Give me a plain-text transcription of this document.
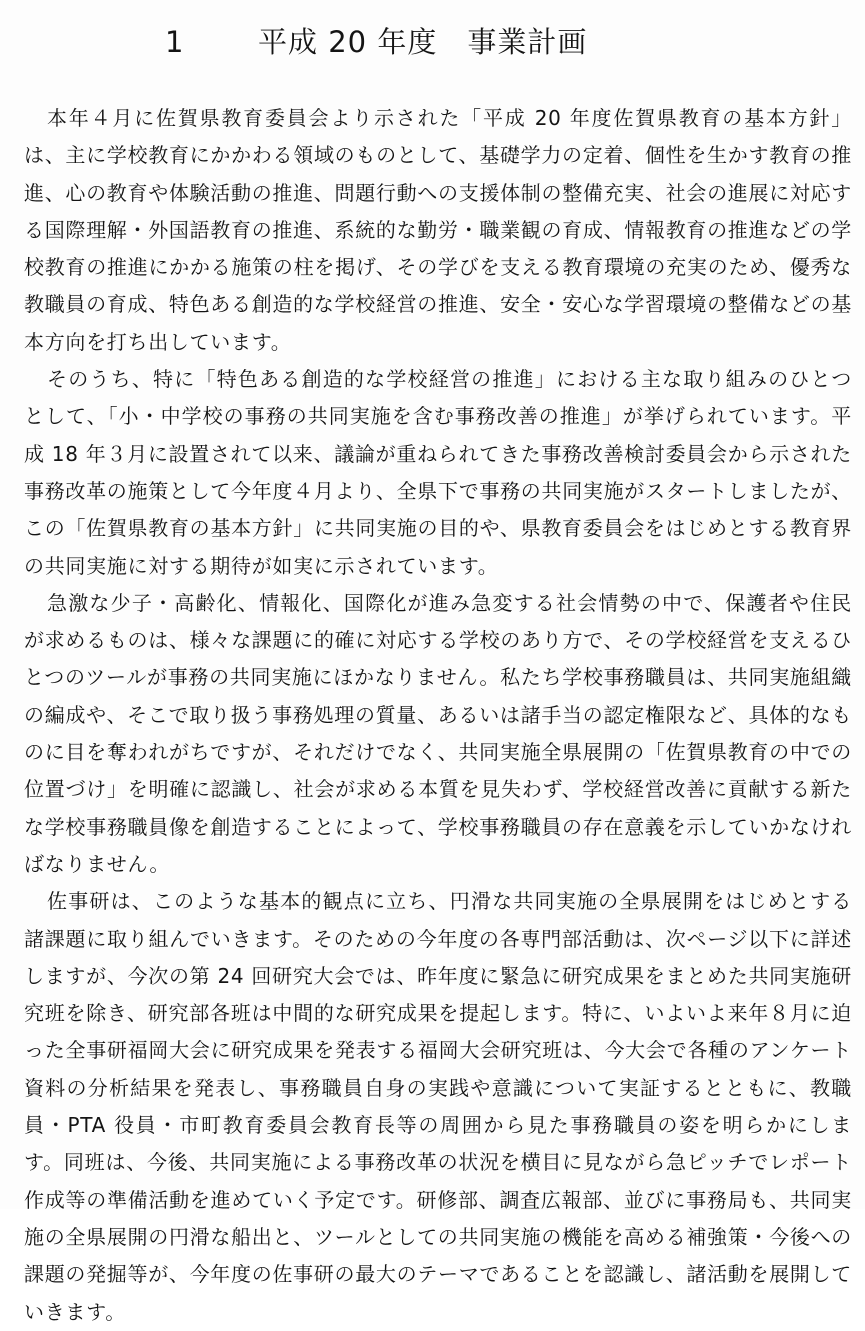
1	平成 20 年度　事業計画

本年４月に佐賀県教育委員会より示された「平成 20 年度佐賀県教育の基本方針」は、主に学校教育にかかわる領域のものとして、基礎学力の定着、個性を生かす教育の推進、心の教育や体験活動の推進、問題行動への支援体制の整備充実、社会の進展に対応する国際理解・外国語教育の推進、系統的な勤労・職業観の育成、情報教育の推進などの学校教育の推進にかかる施策の柱を掲げ、その学びを支える教育環境の充実のため、優秀な教職員の育成、特色ある創造的な学校経営の推進、安全・安心な学習環境の整備などの基本方向を打ち出しています。

そのうち、特に「特色ある創造的な学校経営の推進」における主な取り組みのひとつとして、「小・中学校の事務の共同実施を含む事務改善の推進」が挙げられています。平成 18 年３月に設置されて以来、議論が重ねられてきた事務改善検討委員会から示された事務改革の施策として今年度４月より、全県下で事務の共同実施がスタートしましたが、この「佐賀県教育の基本方針」に共同実施の目的や、県教育委員会をはじめとする教育界の共同実施に対する期待が如実に示されています。

急激な少子・高齢化、情報化、国際化が進み急変する社会情勢の中で、保護者や住民が求めるものは、様々な課題に的確に対応する学校のあり方で、その学校経営を支えるひとつのツールが事務の共同実施にほかなりません。私たち学校事務職員は、共同実施組織の編成や、そこで取り扱う事務処理の質量、あるいは諸手当の認定権限など、具体的なものに目を奪われがちですが、それだけでなく、共同実施全県展開の「佐賀県教育の中での位置づけ」を明確に認識し、社会が求める本質を見失わず、学校経営改善に貢献する新たな学校事務職員像を創造することによって、学校事務職員の存在意義を示していかなければなりません。

佐事研は、このような基本的観点に立ち、円滑な共同実施の全県展開をはじめとする諸課題に取り組んでいきます。そのための今年度の各専門部活動は、次ページ以下に詳述しますが、今次の第 24 回研究大会では、昨年度に緊急に研究成果をまとめた共同実施研究班を除き、研究部各班は中間的な研究成果を提起します。特に、いよいよ来年８月に迫った全事研福岡大会に研究成果を発表する福岡大会研究班は、今大会で各種のアンケート資料の分析結果を発表し、事務職員自身の実践や意識について実証するとともに、教職員・PTA 役員・市町教育委員会教育長等の周囲から見た事務職員の姿を明らかにします。同班は、今後、共同実施による事務改革の状況を横目に見ながら急ピッチでレポート作成等の準備活動を進めていく予定です。研修部、調査広報部、並びに事務局も、共同実施の全県展開の円滑な船出と、ツールとしての共同実施の機能を高める補強策・今後への課題の発掘等が、今年度の佐事研の最大のテーマであることを認識し、諸活動を展開していきます。
